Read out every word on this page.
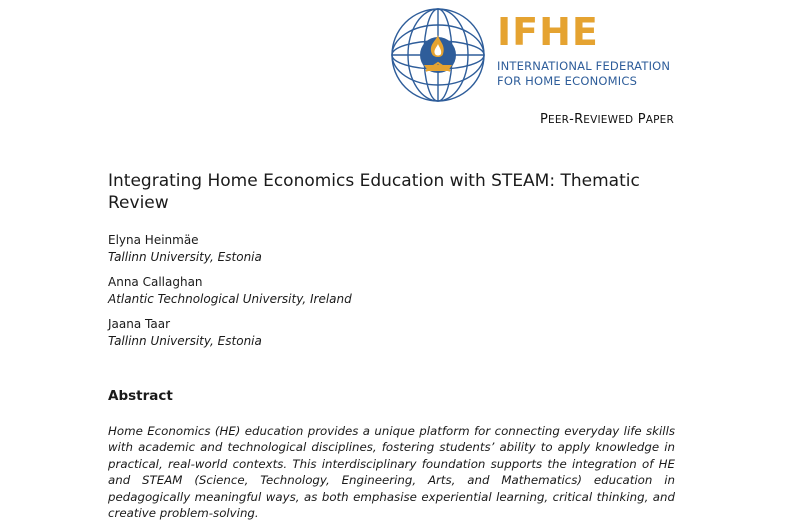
IFHE
INTERNATIONAL FEDERATION
FOR HOME ECONOMICS
PEER-REVIEWED PAPER
Integrating Home Economics Education with STEAM: Thematic Review
Elyna Heinmäe
Tallinn University, Estonia
Anna Callaghan
Atlantic Technological University, Ireland
Jaana Taar
Tallinn University, Estonia
Abstract

Home Economics (HE) education provides a unique platform for connecting everyday life skills with academic and technological disciplines, fostering students’ ability to apply knowledge in practical, real-world contexts. This interdisciplinary foundation supports the integration of HE and STEAM (Science, Technology, Engineering, Arts, and Mathematics) education in pedagogically meaningful ways, as both emphasise experiential learning, critical thinking, and creative problem-solving.
